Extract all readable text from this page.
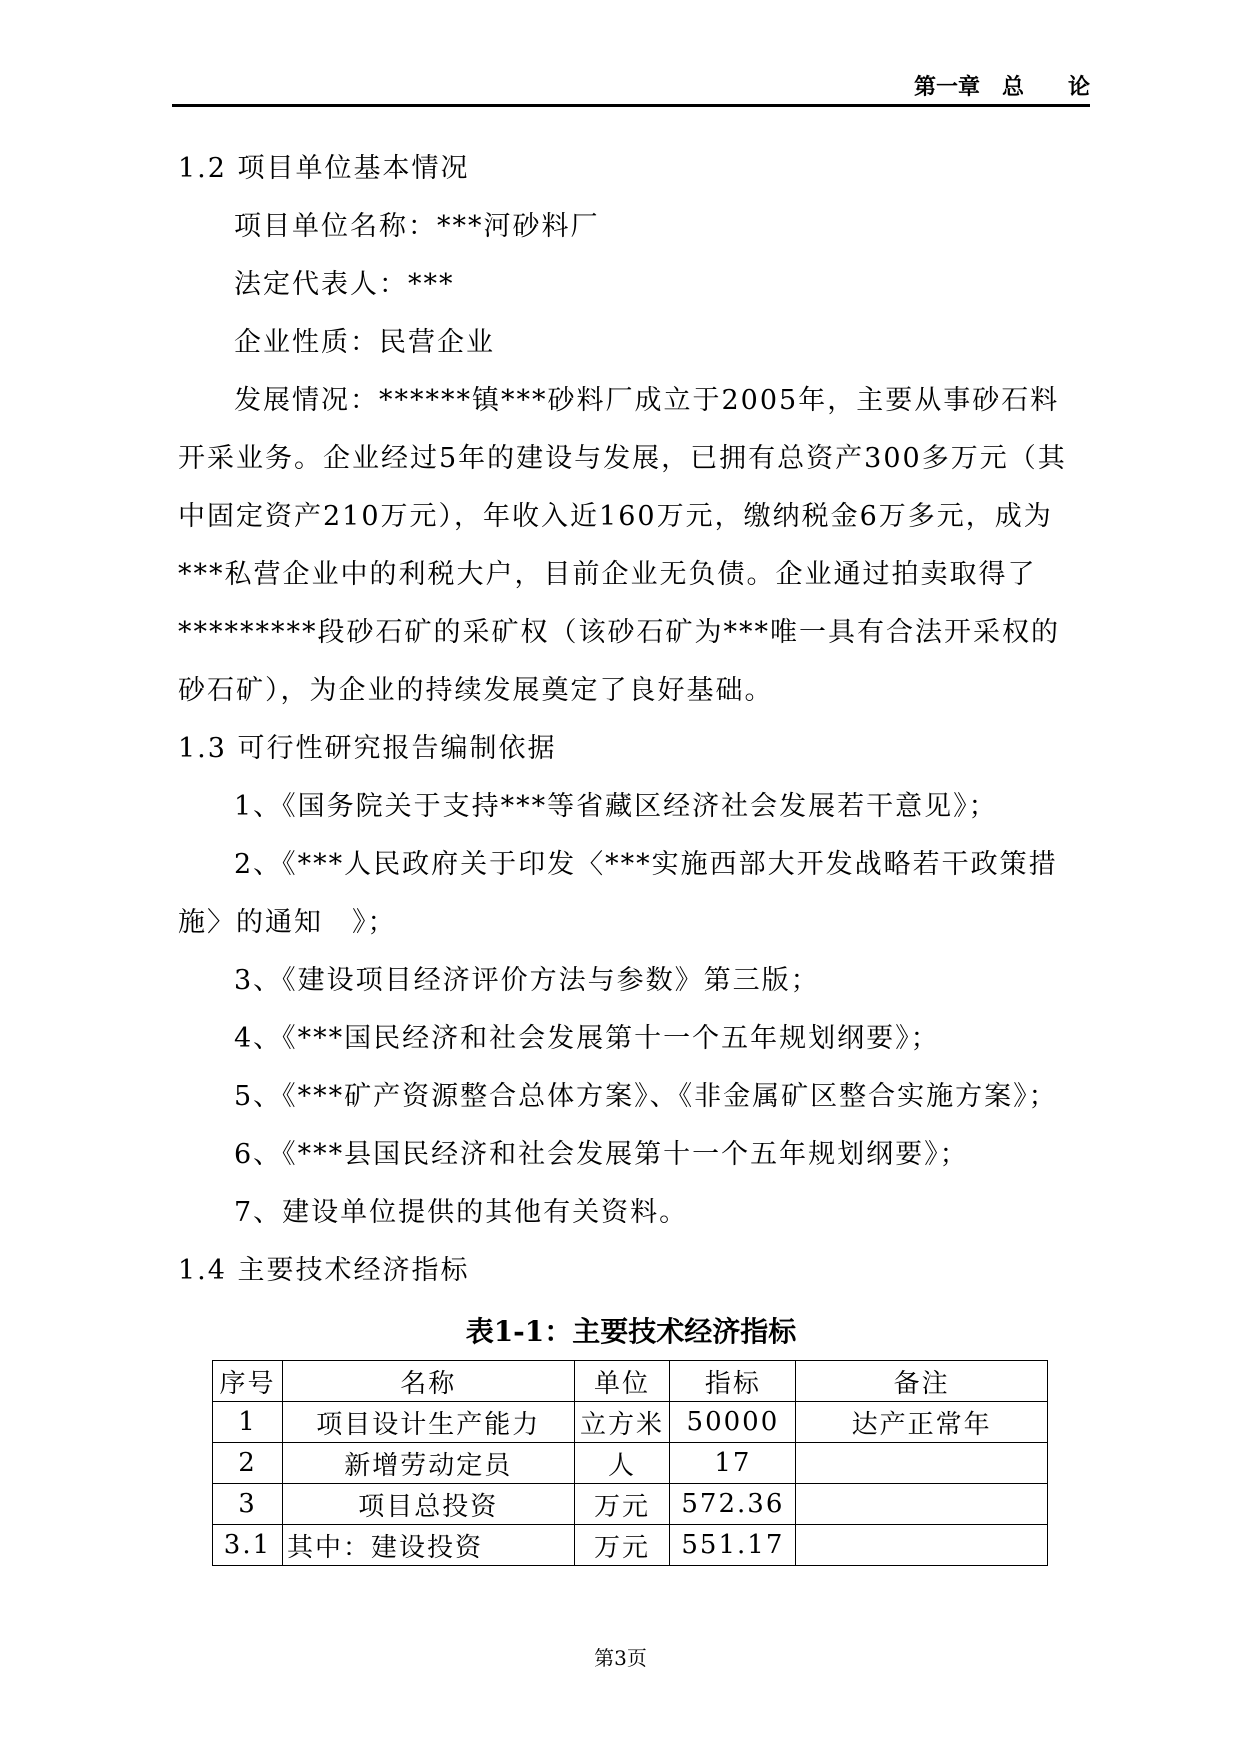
第一章　总　　论

1.2 项目单位基本情况

项目单位名称：***河砂料厂

法定代表人：***

企业性质：民营企业

发展情况：******镇***砂料厂成立于2005年，主要从事砂石料开采业务。企业经过5年的建设与发展，已拥有总资产300多万元（其中固定资产210万元），年收入近160万元，缴纳税金6万多元，成为***私营企业中的利税大户，目前企业无负债。企业通过拍卖取得了*********段砂石矿的采矿权（该砂石矿为***唯一具有合法开采权的砂石矿），为企业的持续发展奠定了良好基础。

1.3 可行性研究报告编制依据

1、《国务院关于支持***等省藏区经济社会发展若干意见》；

2、《***人民政府关于印发〈***实施西部大开发战略若干政策措施〉的通知　》；

3、《建设项目经济评价方法与参数》第三版；

4、《***国民经济和社会发展第十一个五年规划纲要》；

5、《***矿产资源整合总体方案》、《非金属矿区整合实施方案》；

6、《***县国民经济和社会发展第十一个五年规划纲要》；

7、建设单位提供的其他有关资料。

1.4 主要技术经济指标

表1-1：主要技术经济指标
序号	名称	单位	指标	备注
1	项目设计生产能力	立方米	50000	达产正常年
2	新增劳动定员	人	17	
3	项目总投资	万元	572.36	
3.1	其中：建设投资	万元	551.17	
第3页
